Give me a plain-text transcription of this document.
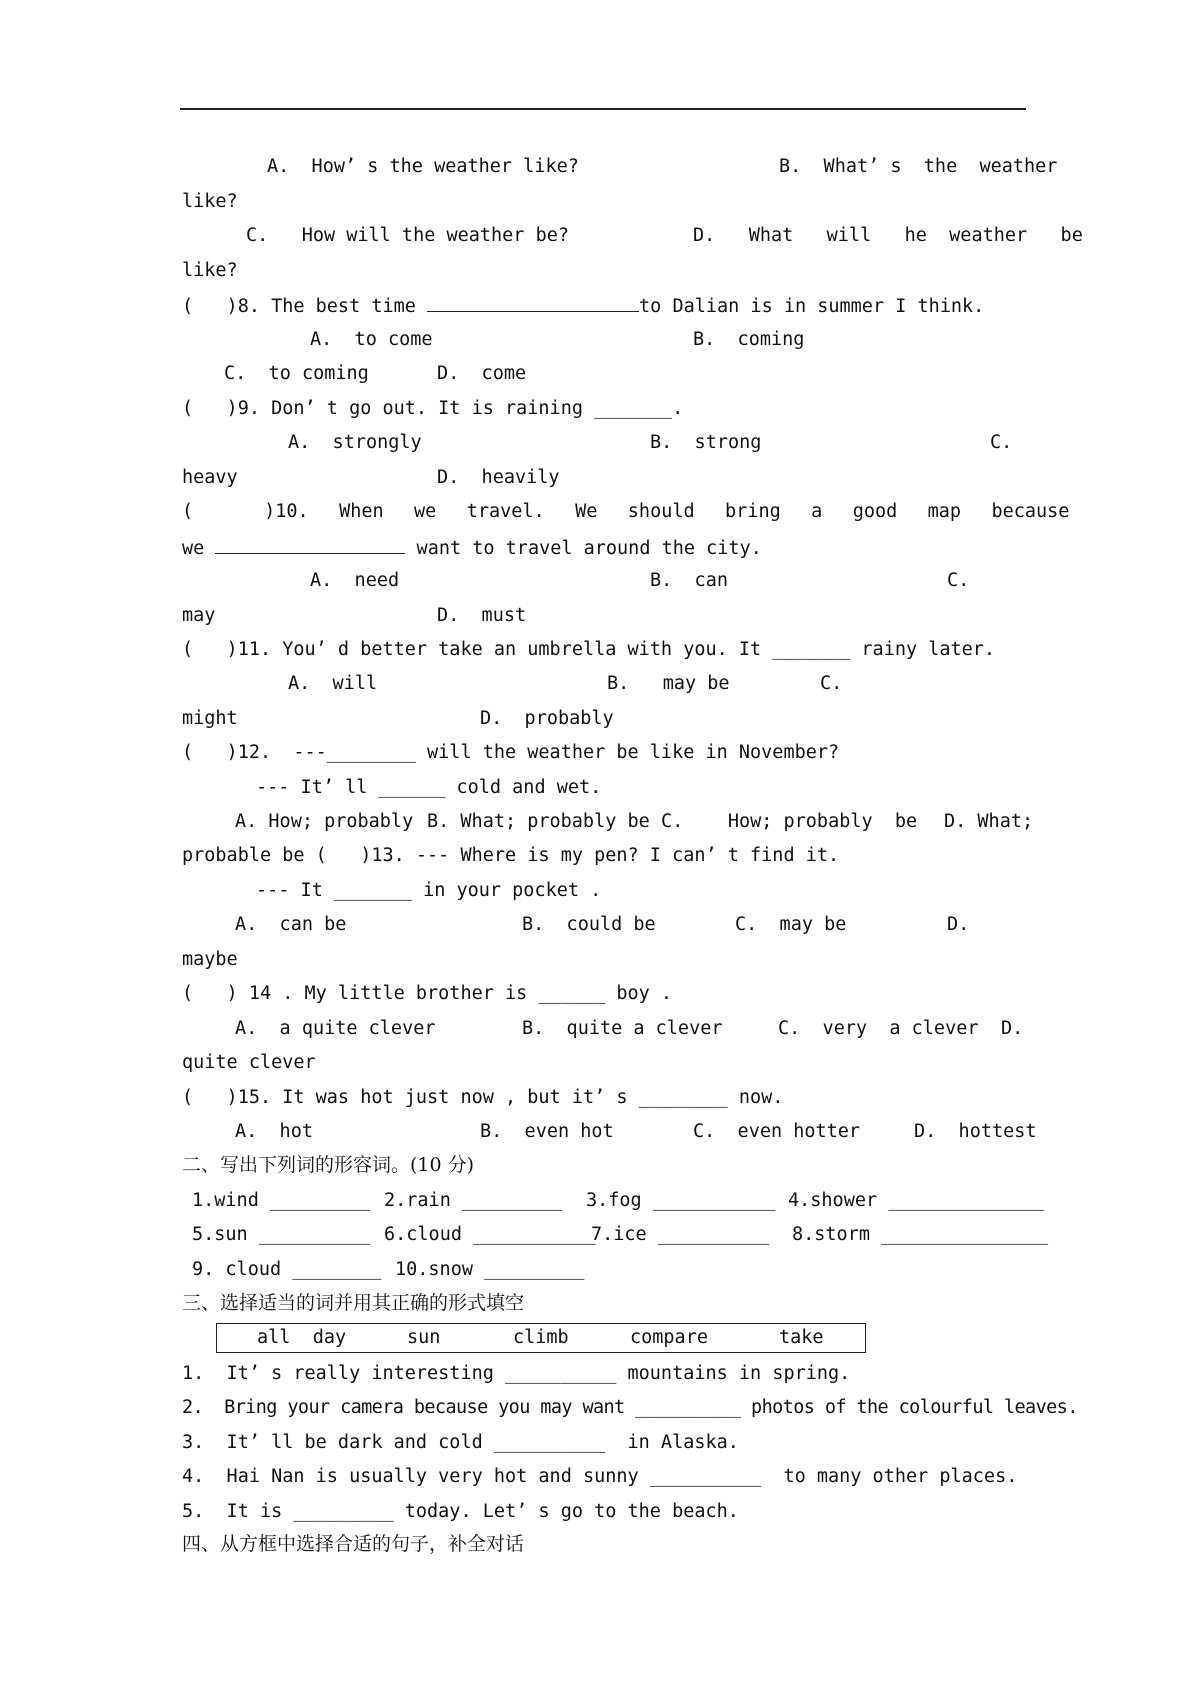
A.  How’ s the weather like?	B.  What’ s  the  weather
like?
C.   How will the weather be?	D.   What   will   he  weather   be
like?
(   )8. The best time	to Dalian is in summer I think.
A.  to come	B.  coming
C.  to coming	D.  come
(   )9. Don’ t go out. It is raining _______.
A.  strongly	B.  strong	C.
heavy	D.  heavily
(       )10.   When   we   travel.   We   should   bring   a   good   map   because
we	want to travel around the city.
A.  need	B.  can	C.
may	D.  must
(   )11. You’ d better take an umbrella with you. It _______ rainy later.
A.  will	B.   may be	C.
might	D.  probably
(   )12.  ---________ will the weather be like in November?
--- It’ ll ______ cold and wet.
A. How; probably B. What; probably be C.    How; probably  be D. What;
probable be (   )13. --- Where is my pen? I can’ t find it.
--- It _______ in your pocket .
A.  can be	B.  could be	C.  may be	D.
maybe
(   ) 14 . My little brother is ______ boy .
A.  a quite clever	B.  quite a clever	C.  very  a clever D.
quite clever
(   )15. It was hot just now , but it’ s ________ now.
A.  hot	B.  even hot	C.  even hotter	D.  hottest
二、写出下列词的形容词。(10 分)
1.wind _________ 2.rain _________ 3.fog ___________ 4.shower ______________
5.sun __________ 6.cloud ___________
7.ice __________ 8.storm _______________
9. cloud ________ 10.snow _________
三、选择适当的词并用其正确的形式填空
all  day	sun	climb	compare	take
1.  It’ s really interesting __________ mountains in spring.
2.  Bring your camera because you may want __________ photos of the colourful leaves.
3.  It’ ll be dark and cold __________  in Alaska.
4.  Hai Nan is usually very hot and sunny __________  to many other places.
5.  It is _________ today. Let’ s go to the beach.
四、从方框中选择合适的句子，补全对话
